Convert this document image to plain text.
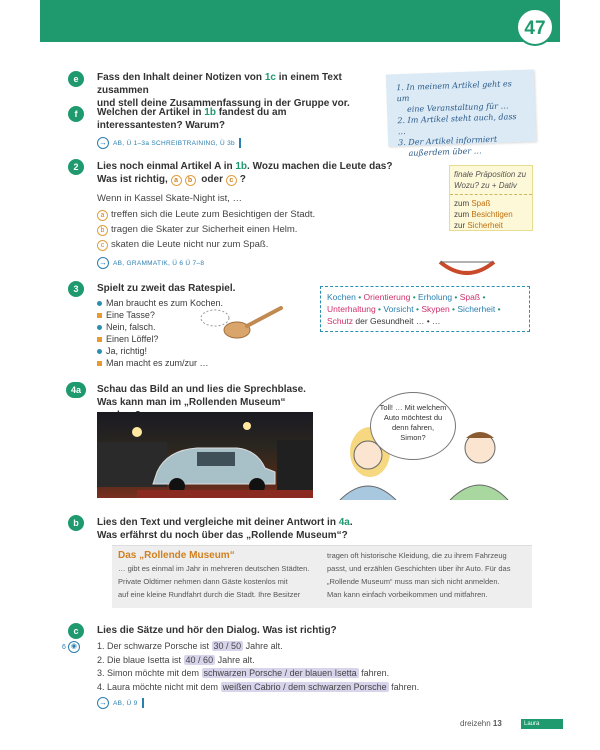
47
e	Fass den Inhalt deiner Notizen von 1c in einem Text zusammen
und stell deine Zusammenfassung in der Gruppe vor.
1. In meinem Artikel geht es um
eine Veranstaltung für …
2. Im Artikel steht auch, dass …
3. Der Artikel informiert
außerdem über …
f	Welchen der Artikel in 1b fandest du am
interessantesten? Warum?
→ AB, Ü 1–3a SCHREIBTRAINING, Ü 3b
2	Lies noch einmal Artikel A in 1b. Wozu machen die Leute das?
Was ist richtig, a b oder c ?
Wenn in Kassel Skate-Night ist, …
a treffen sich die Leute zum Besichtigen der Stadt.
b tragen die Skater zur Sicherheit einen Helm.
c skaten die Leute nicht nur zum Spaß.
→ AB, GRAMMATIK, Ü 6 Ü 7–8
finale Präposition zu
Wozu? zu + Dativ
zum Spaß
zum Besichtigen
zur Sicherheit
3	Spielt zu zweit das Ratespiel.
Man braucht es zum Kochen.
Eine Tasse?
Nein, falsch.
Einen Löffel?
Ja, richtig!
Man macht es zum/zur …
Kochen • Orientierung • Erholung • Spaß •
Unterhaltung • Vorsicht • Skypen • Sicherheit •
Schutz der Gesundheit … • …
4a	Schau das Bild an und lies die Sprechblase.
Was kann man im „Rollenden Museum“	Toll! … Mit welchem Auto möchtest du denn fahren, Simon?
b	Lies den Text und vergleiche mit deiner Antwort in 4a.
Was erfährst du noch über das „Rollende Museum“?
Das „Rollende Museum“
… gibt es einmal im Jahr in mehreren deutschen Städten.
Private Oldtimer nehmen dann Gäste kostenlos mit
auf eine kleine Rundfahrt durch die Stadt. Ihre Besitzer
tragen oft historische Kleidung, die zu ihrem Fahrzeug
passt, und erzählen Geschichten über ihr Auto. Für das
„Rollende Museum“ muss man sich nicht anmelden.
Man kann einfach vorbeikommen und mitfahren.
c	Lies die Sätze und hör den Dialog. Was ist richtig?
6 ◉	1. Der schwarze Porsche ist 30 / 50 Jahre alt.
2. Die blaue Isetta ist 40 / 60 Jahre alt.
3. Simon möchte mit dem schwarzen Porsche / der blauen Isetta fahren.
4. Laura möchte nicht mit dem weißen Cabrio / dem schwarzen Porsche fahren.
→ AB, Ü 9
dreizehn 13	Laura
